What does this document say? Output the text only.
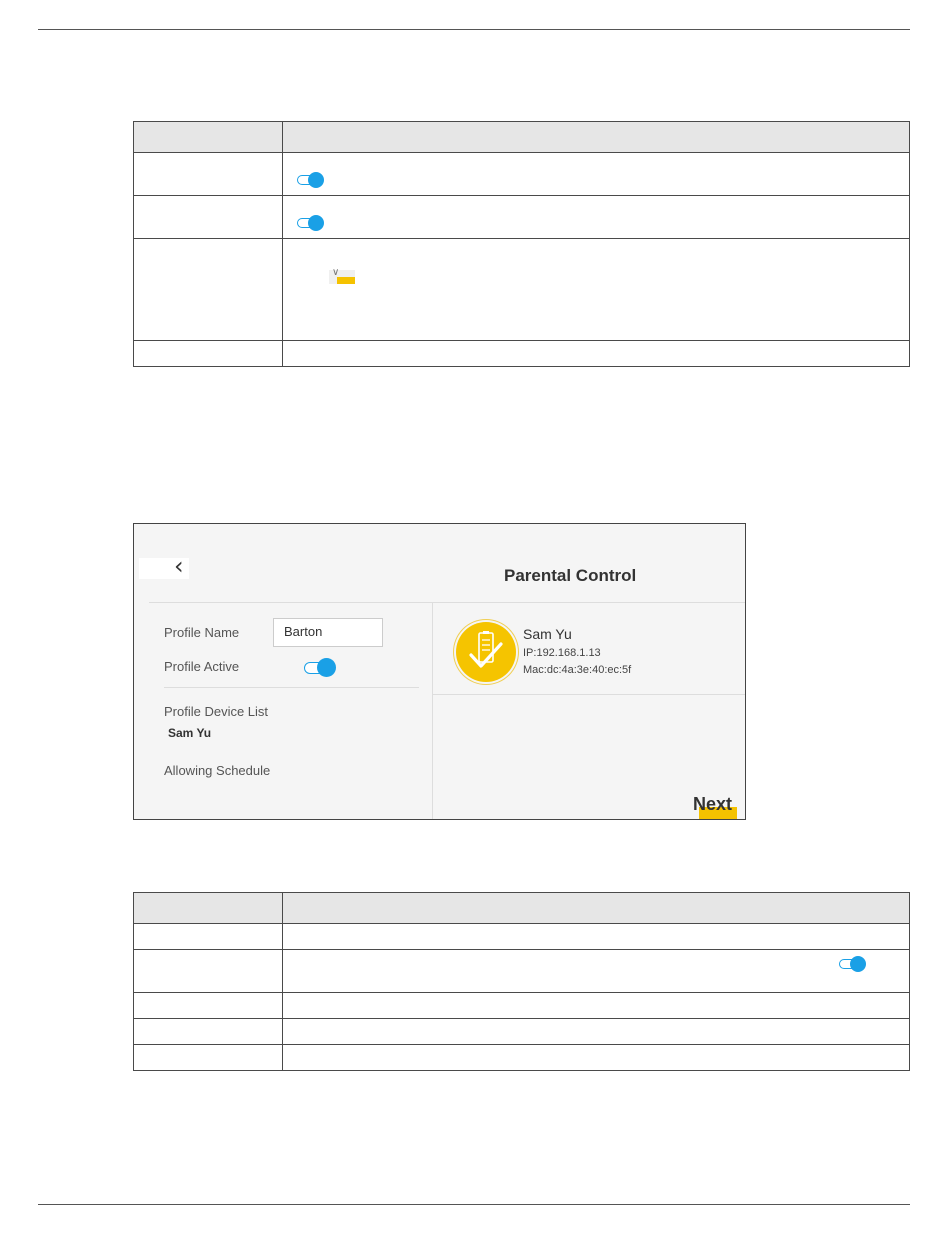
	∨

‹	Parental Control
Profile Name	Barton
Profile Active
Profile Device List
Sam Yu
Allowing Schedule
Sam Yu
IP:192.168.1.13
Mac:dc:4a:3e:40:ec:5f
Next
